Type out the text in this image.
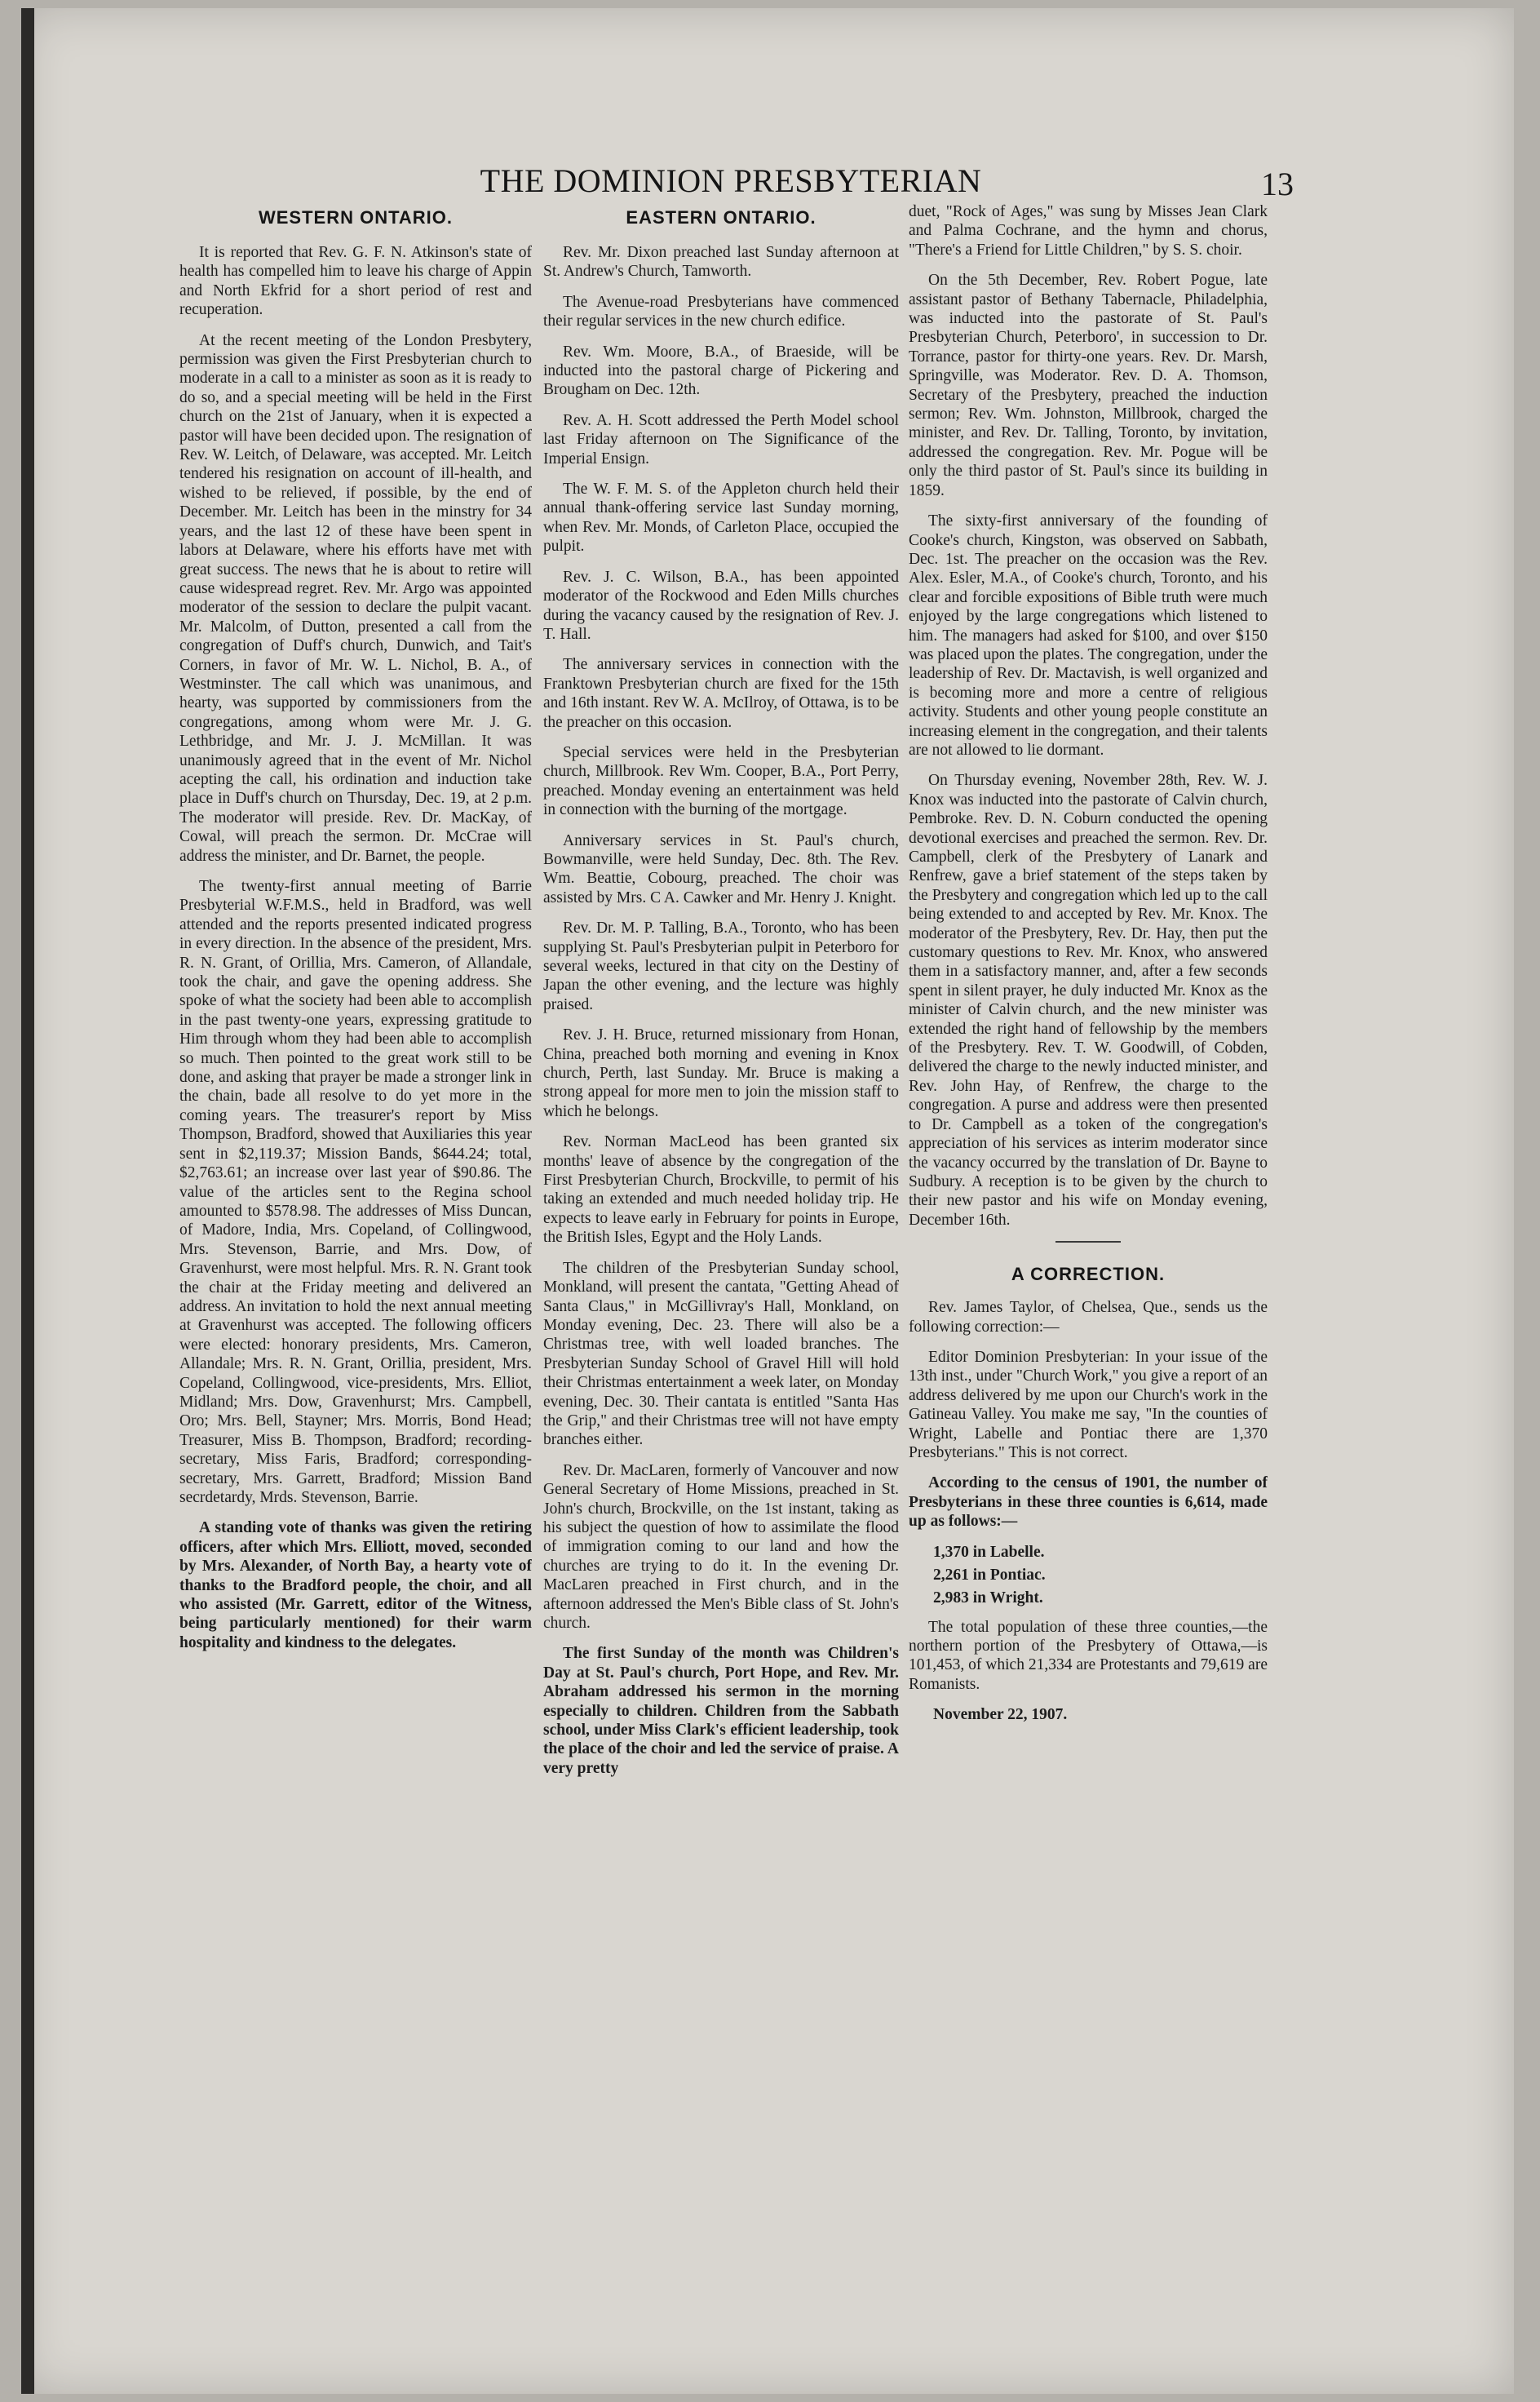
THE DOMINION PRESBYTERIAN	13
WESTERN ONTARIO.

It is reported that Rev. G. F. N. Atkinson's state of health has compelled him to leave his charge of Appin and North Ekfrid for a short period of rest and recuperation.

At the recent meeting of the London Presbytery, permission was given the First Presbyterian church to moderate in a call to a minister as soon as it is ready to do so, and a special meeting will be held in the First church on the 21st of January, when it is expected a pastor will have been decided upon. The resignation of Rev. W. Leitch, of Delaware, was accepted. Mr. Leitch tendered his resignation on account of ill-health, and wished to be relieved, if possible, by the end of December. Mr. Leitch has been in the minstry for 34 years, and the last 12 of these have been spent in labors at Delaware, where his efforts have met with great success. The news that he is about to retire will cause widespread regret. Rev. Mr. Argo was appointed moderator of the session to declare the pulpit vacant. Mr. Malcolm, of Dutton, presented a call from the congregation of Duff's church, Dunwich, and Tait's Corners, in favor of Mr. W. L. Nichol, B. A., of Westminster. The call which was unanimous, and hearty, was supported by commissioners from the congregations, among whom were Mr. J. G. Lethbridge, and Mr. J. J. McMillan. It was unanimously agreed that in the event of Mr. Nichol acepting the call, his ordination and induction take place in Duff's church on Thursday, Dec. 19, at 2 p.m. The moderator will preside. Rev. Dr. MacKay, of Cowal, will preach the sermon. Dr. McCrae will address the minister, and Dr. Barnet, the people.

The twenty-first annual meeting of Barrie Presbyterial W.F.M.S., held in Bradford, was well attended and the reports presented indicated progress in every direction. In the absence of the president, Mrs. R. N. Grant, of Orillia, Mrs. Cameron, of Allandale, took the chair, and gave the opening address. She spoke of what the society had been able to accomplish in the past twenty-one years, expressing gratitude to Him through whom they had been able to accomplish so much. Then pointed to the great work still to be done, and asking that prayer be made a stronger link in the chain, bade all resolve to do yet more in the coming years. The treasurer's report by Miss Thompson, Bradford, showed that Auxiliaries this year sent in $2,119.37; Mission Bands, $644.24; total, $2,763.61; an increase over last year of $90.86. The value of the articles sent to the Regina school amounted to $578.98. The addresses of Miss Duncan, of Madore, India, Mrs. Copeland, of Collingwood, Mrs. Stevenson, Barrie, and Mrs. Dow, of Gravenhurst, were most helpful. Mrs. R. N. Grant took the chair at the Friday meeting and delivered an address. An invitation to hold the next annual meeting at Gravenhurst was accepted. The following officers were elected: honorary presidents, Mrs. Cameron, Allandale; Mrs. R. N. Grant, Orillia, president, Mrs. Copeland, Collingwood, vice-presidents, Mrs. Elliot, Midland; Mrs. Dow, Gravenhurst; Mrs. Campbell, Oro; Mrs. Bell, Stayner; Mrs. Morris, Bond Head; Treasurer, Miss B. Thompson, Bradford; recording-secretary, Miss Faris, Bradford; corresponding-secretary, Mrs. Garrett, Bradford; Mission Band secrdetardy, Mrds. Stevenson, Barrie.

A standing vote of thanks was given the retiring officers, after which Mrs. Elliott, moved, seconded by Mrs. Alexander, of North Bay, a hearty vote of thanks to the Bradford people, the choir, and all who assisted (Mr. Garrett, editor of the Witness, being particularly mentioned) for their warm hospitality and kindness to the delegates.

EASTERN ONTARIO.

Rev. Mr. Dixon preached last Sunday afternoon at St. Andrew's Church, Tamworth.

The Avenue-road Presbyterians have commenced their regular services in the new church edifice.

Rev. Wm. Moore, B.A., of Braeside, will be inducted into the pastoral charge of Pickering and Brougham on Dec. 12th.

Rev. A. H. Scott addressed the Perth Model school last Friday afternoon on The Significance of the Imperial Ensign.

The W. F. M. S. of the Appleton church held their annual thank-offering service last Sunday morning, when Rev. Mr. Monds, of Carleton Place, occupied the pulpit.

Rev. J. C. Wilson, B.A., has been appointed moderator of the Rockwood and Eden Mills churches during the vacancy caused by the resignation of Rev. J. T. Hall.

The anniversary services in connection with the Franktown Presbyterian church are fixed for the 15th and 16th instant. Rev W. A. McIlroy, of Ottawa, is to be the preacher on this occasion.

Special services were held in the Presbyterian church, Millbrook. Rev Wm. Cooper, B.A., Port Perry, preached. Monday evening an entertainment was held in connection with the burning of the mortgage.

Anniversary services in St. Paul's church, Bowmanville, were held Sunday, Dec. 8th. The Rev. Wm. Beattie, Cobourg, preached. The choir was assisted by Mrs. C A. Cawker and Mr. Henry J. Knight.

Rev. Dr. M. P. Talling, B.A., Toronto, who has been supplying St. Paul's Presbyterian pulpit in Peterboro for several weeks, lectured in that city on the Destiny of Japan the other evening, and the lecture was highly praised.

Rev. J. H. Bruce, returned missionary from Honan, China, preached both morning and evening in Knox church, Perth, last Sunday. Mr. Bruce is making a strong appeal for more men to join the mission staff to which he belongs.

Rev. Norman MacLeod has been granted six months' leave of absence by the congregation of the First Presbyterian Church, Brockville, to permit of his taking an extended and much needed holiday trip. He expects to leave early in February for points in Europe, the British Isles, Egypt and the Holy Lands.

The children of the Presbyterian Sunday school, Monkland, will present the cantata, "Getting Ahead of Santa Claus," in McGillivray's Hall, Monkland, on Monday evening, Dec. 23. There will also be a Christmas tree, with well loaded branches. The Presbyterian Sunday School of Gravel Hill will hold their Christmas entertainment a week later, on Monday evening, Dec. 30. Their cantata is entitled "Santa Has the Grip," and their Christmas tree will not have empty branches either.

Rev. Dr. MacLaren, formerly of Vancouver and now General Secretary of Home Missions, preached in St. John's church, Brockville, on the 1st instant, taking as his subject the question of how to assimilate the flood of immigration coming to our land and how the churches are trying to do it. In the evening Dr. MacLaren preached in First church, and in the afternoon addressed the Men's Bible class of St. John's church.

The first Sunday of the month was Children's Day at St. Paul's church, Port Hope, and Rev. Mr. Abraham addressed his sermon in the morning especially to children. Children from the Sabbath school, under Miss Clark's efficient leadership, took the place of the choir and led the service of praise. A very pretty

duet, "Rock of Ages," was sung by Misses Jean Clark and Palma Cochrane, and the hymn and chorus, "There's a Friend for Little Children," by S. S. choir.

On the 5th December, Rev. Robert Pogue, late assistant pastor of Bethany Tabernacle, Philadelphia, was inducted into the pastorate of St. Paul's Presbyterian Church, Peterboro', in succession to Dr. Torrance, pastor for thirty-one years. Rev. Dr. Marsh, Springville, was Moderator. Rev. D. A. Thomson, Secretary of the Presbytery, preached the induction sermon; Rev. Wm. Johnston, Millbrook, charged the minister, and Rev. Dr. Talling, Toronto, by invitation, addressed the congregation. Rev. Mr. Pogue will be only the third pastor of St. Paul's since its building in 1859.

The sixty-first anniversary of the founding of Cooke's church, Kingston, was observed on Sabbath, Dec. 1st. The preacher on the occasion was the Rev. Alex. Esler, M.A., of Cooke's church, Toronto, and his clear and forcible expositions of Bible truth were much enjoyed by the large congregations which listened to him. The managers had asked for $100, and over $150 was placed upon the plates. The congregation, under the leadership of Rev. Dr. Mactavish, is well organized and is becoming more and more a centre of religious activity. Students and other young people constitute an increasing element in the congregation, and their talents are not allowed to lie dormant.

On Thursday evening, November 28th, Rev. W. J. Knox was inducted into the pastorate of Calvin church, Pembroke. Rev. D. N. Coburn conducted the opening devotional exercises and preached the sermon. Rev. Dr. Campbell, clerk of the Presbytery of Lanark and Renfrew, gave a brief statement of the steps taken by the Presbytery and congregation which led up to the call being extended to and accepted by Rev. Mr. Knox. The moderator of the Presbytery, Rev. Dr. Hay, then put the customary questions to Rev. Mr. Knox, who answered them in a satisfactory manner, and, after a few seconds spent in silent prayer, he duly inducted Mr. Knox as the minister of Calvin church, and the new minister was extended the right hand of fellowship by the members of the Presbytery. Rev. T. W. Goodwill, of Cobden, delivered the charge to the newly inducted minister, and Rev. John Hay, of Renfrew, the charge to the congregation. A purse and address were then presented to Dr. Campbell as a token of the congregation's appreciation of his services as interim moderator since the vacancy occurred by the translation of Dr. Bayne to Sudbury. A reception is to be given by the church to their new pastor and his wife on Monday evening, December 16th.

A CORRECTION.

Rev. James Taylor, of Chelsea, Que., sends us the following correction:—

Editor Dominion Presbyterian: In your issue of the 13th inst., under "Church Work," you give a report of an address delivered by me upon our Church's work in the Gatineau Valley. You make me say, "In the counties of Wright, Labelle and Pontiac there are 1,370 Presbyterians." This is not correct.

According to the census of 1901, the number of Presbyterians in these three counties is 6,614, made up as follows:—

1,370 in Labelle.
2,261 in Pontiac.
2,983 in Wright.

The total population of these three counties,—the northern portion of the Presbytery of Ottawa,—is 101,453, of which 21,334 are Protestants and 79,619 are Romanists.

November 22, 1907.
